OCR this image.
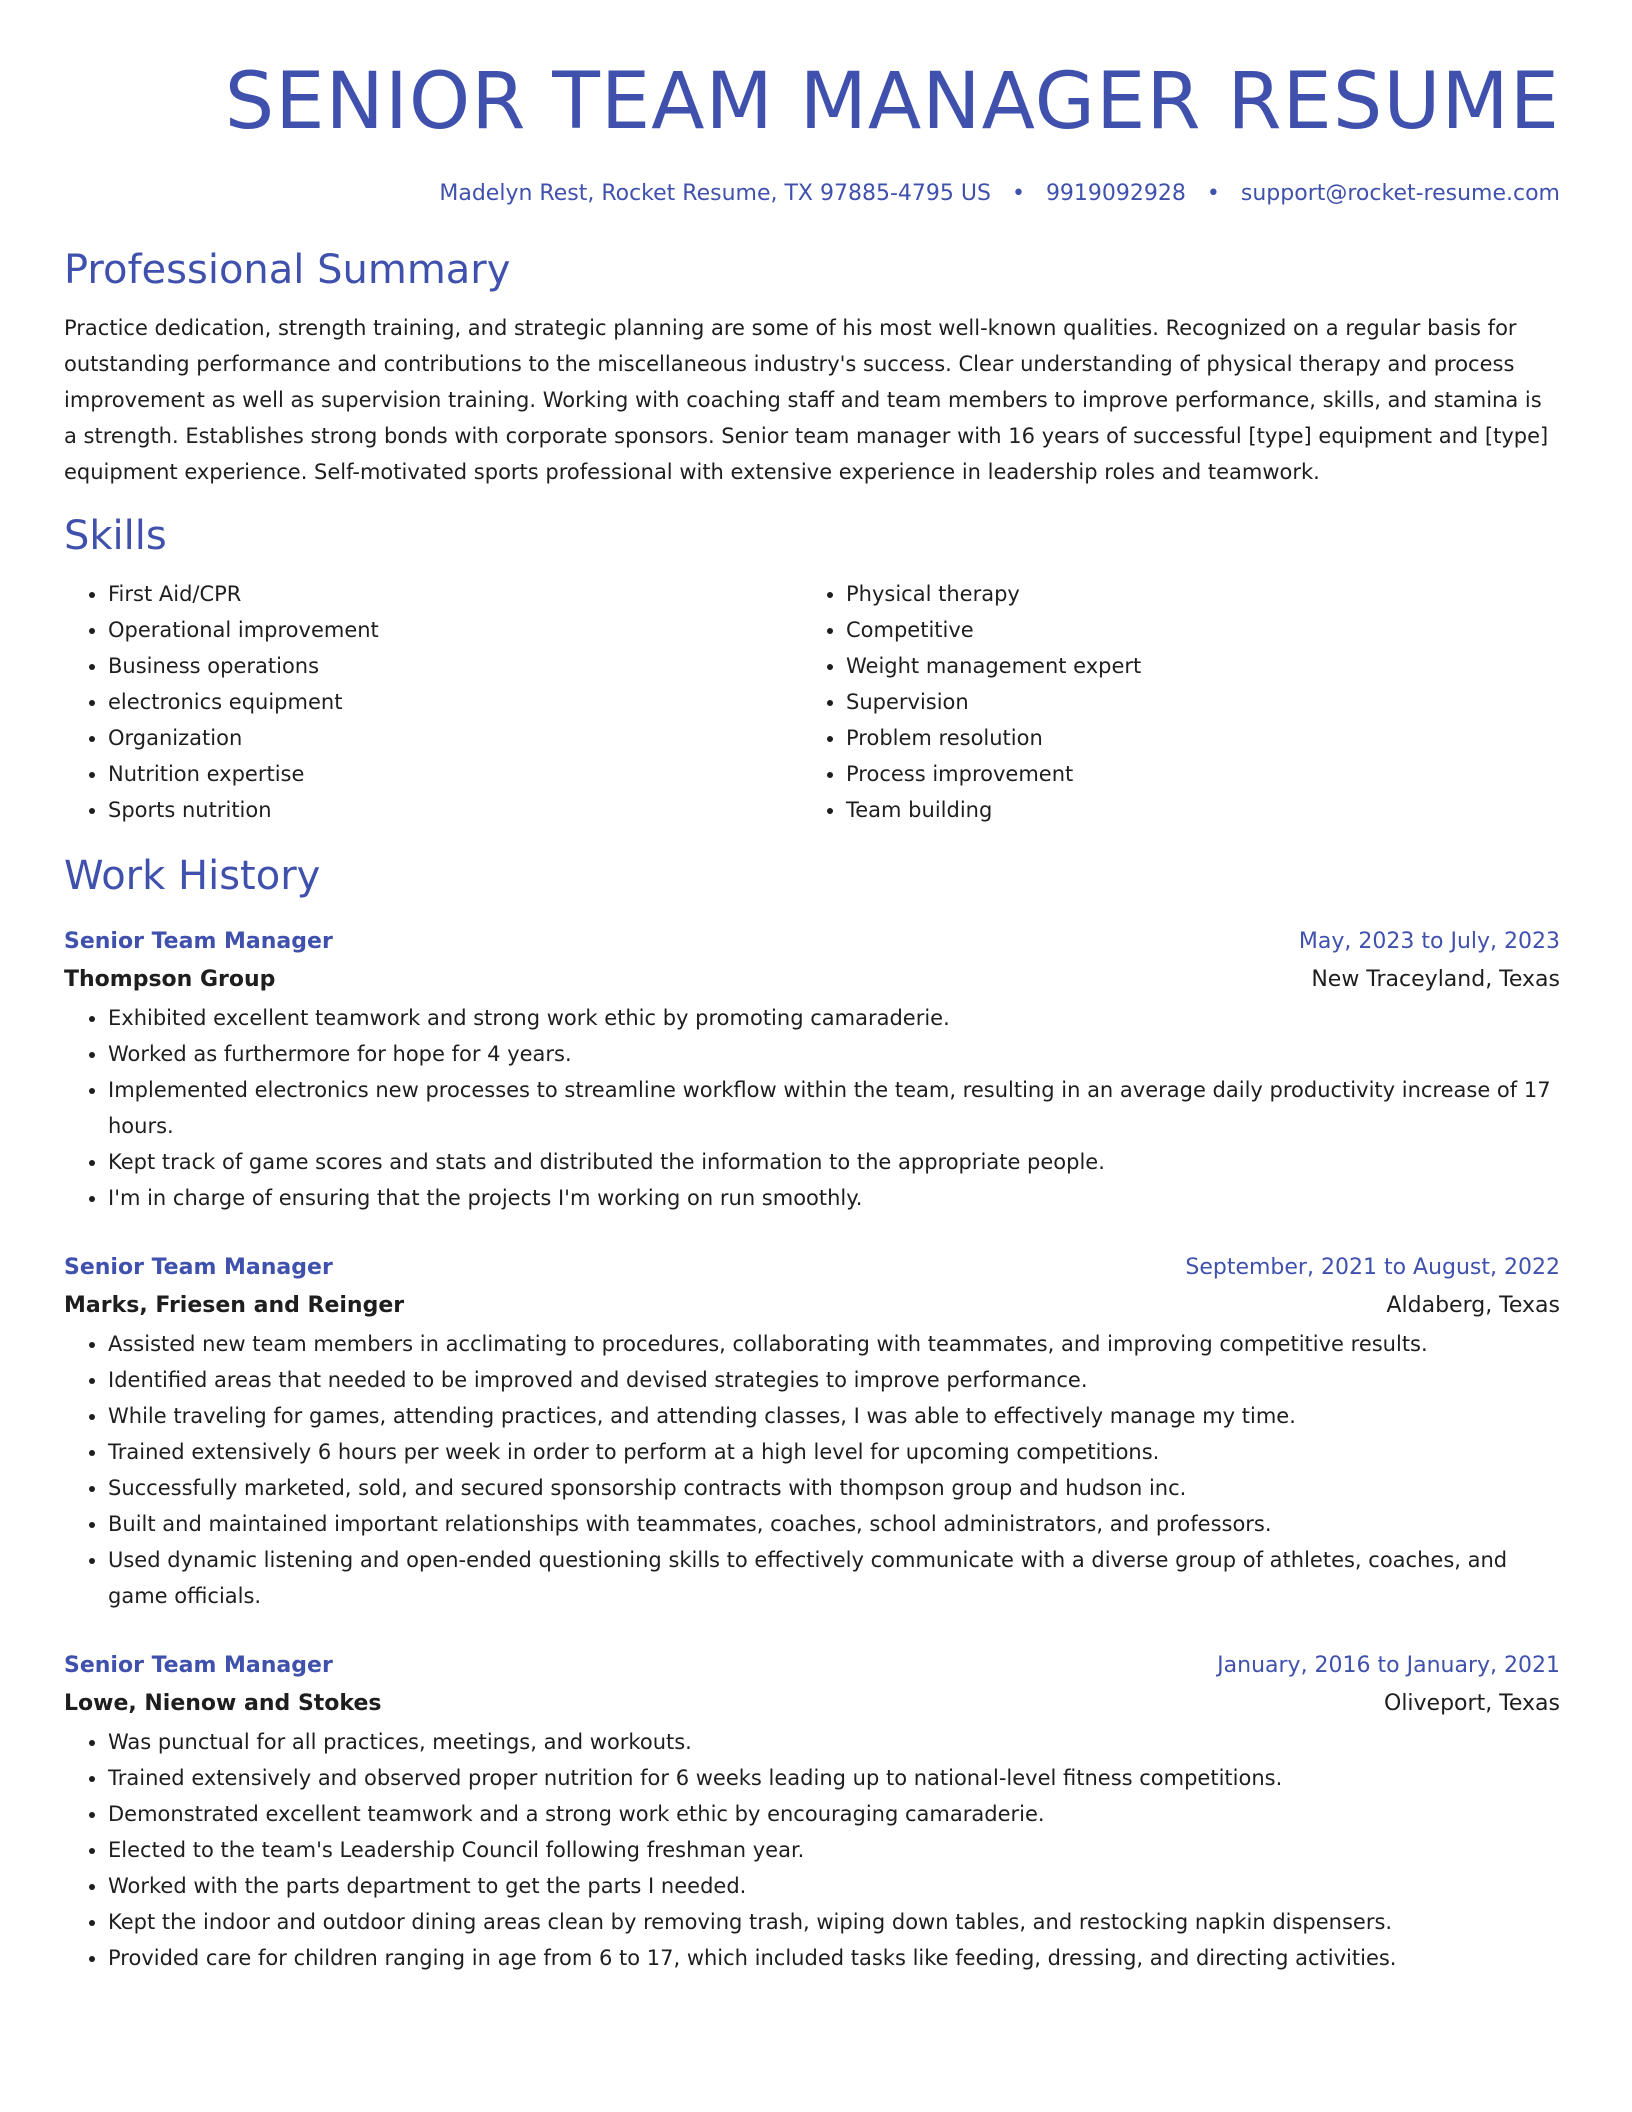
SENIOR TEAM MANAGER RESUME
Madelyn Rest, Rocket Resume, TX 97885-4795 US • 9919092928 • support@rocket-resume.com
Professional Summary

Practice dedication, strength training, and strategic planning are some of his most well-known qualities. Recognized on a regular basis for outstanding performance and contributions to the miscellaneous industry's success. Clear understanding of physical therapy and process improvement as well as supervision training. Working with coaching staff and team members to improve performance, skills, and stamina is a strength. Establishes strong bonds with corporate sponsors. Senior team manager with 16 years of successful [type] equipment and [type] equipment experience. Self-motivated sports professional with extensive experience in leadership roles and teamwork.

Skills
• First Aid/CPR
• Operational improvement
• Business operations
• electronics equipment
• Organization
• Nutrition expertise
• Sports nutrition
• Physical therapy
• Competitive
• Weight management expert
• Supervision
• Problem resolution
• Process improvement
• Team building
Work History
Senior Team Manager	May, 2023 to July, 2023
Thompson Group	New Traceyland, Texas
• Exhibited excellent teamwork and strong work ethic by promoting camaraderie.
• Worked as furthermore for hope for 4 years.
• Implemented electronics new processes to streamline workflow within the team, resulting in an average daily productivity increase of 17 hours.
• Kept track of game scores and stats and distributed the information to the appropriate people.
• I'm in charge of ensuring that the projects I'm working on run smoothly.
Senior Team Manager	September, 2021 to August, 2022
Marks, Friesen and Reinger	Aldaberg, Texas
• Assisted new team members in acclimating to procedures, collaborating with teammates, and improving competitive results.
• Identified areas that needed to be improved and devised strategies to improve performance.
• While traveling for games, attending practices, and attending classes, I was able to effectively manage my time.
• Trained extensively 6 hours per week in order to perform at a high level for upcoming competitions.
• Successfully marketed, sold, and secured sponsorship contracts with thompson group and hudson inc.
• Built and maintained important relationships with teammates, coaches, school administrators, and professors.
• Used dynamic listening and open-ended questioning skills to effectively communicate with a diverse group of athletes, coaches, and game officials.
Senior Team Manager	January, 2016 to January, 2021
Lowe, Nienow and Stokes	Oliveport, Texas
• Was punctual for all practices, meetings, and workouts.
• Trained extensively and observed proper nutrition for 6 weeks leading up to national-level fitness competitions.
• Demonstrated excellent teamwork and a strong work ethic by encouraging camaraderie.
• Elected to the team's Leadership Council following freshman year.
• Worked with the parts department to get the parts I needed.
• Kept the indoor and outdoor dining areas clean by removing trash, wiping down tables, and restocking napkin dispensers.
• Provided care for children ranging in age from 6 to 17, which included tasks like feeding, dressing, and directing activities.
